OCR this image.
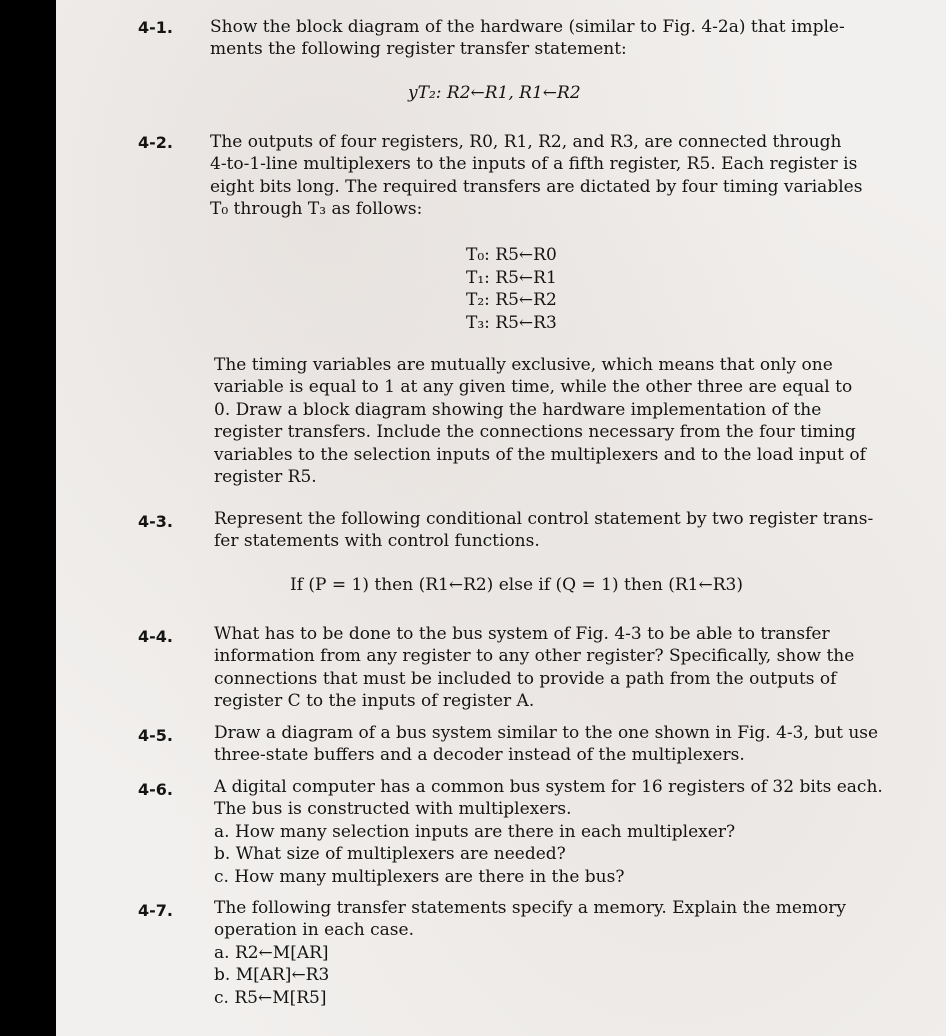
4-1.	Show the block diagram of the hardware (similar to Fig. 4-2a) that imple-
ments the following register transfer statement:
yT₂: R2←R1, R1←R2
4-2.	The outputs of four registers, R0, R1, R2, and R3, are connected through
4-to-1-line multiplexers to the inputs of a fifth register, R5. Each register is
eight bits long. The required transfers are dictated by four timing variables
T₀ through T₃ as follows:
T₀: R5←R0
T₁: R5←R1
T₂: R5←R2
T₃: R5←R3
The timing variables are mutually exclusive, which means that only one
variable is equal to 1 at any given time, while the other three are equal to
0. Draw a block diagram showing the hardware implementation of the
register transfers. Include the connections necessary from the four timing
variables to the selection inputs of the multiplexers and to the load input of
register R5.
4-3.	Represent the following conditional control statement by two register trans-
fer statements with control functions.
If (P = 1) then (R1←R2) else if (Q = 1) then (R1←R3)
4-4.	What has to be done to the bus system of Fig. 4-3 to be able to transfer
information from any register to any other register? Specifically, show the
connections that must be included to provide a path from the outputs of
register C to the inputs of register A.
4-5.	Draw a diagram of a bus system similar to the one shown in Fig. 4-3, but use
three-state buffers and a decoder instead of the multiplexers.
4-6.	A digital computer has a common bus system for 16 registers of 32 bits each.
The bus is constructed with multiplexers.
a. How many selection inputs are there in each multiplexer?
b. What size of multiplexers are needed?
c. How many multiplexers are there in the bus?
4-7.	The following transfer statements specify a memory. Explain the memory
operation in each case.
a. R2←M[AR]
b. M[AR]←R3
c. R5←M[R5]
